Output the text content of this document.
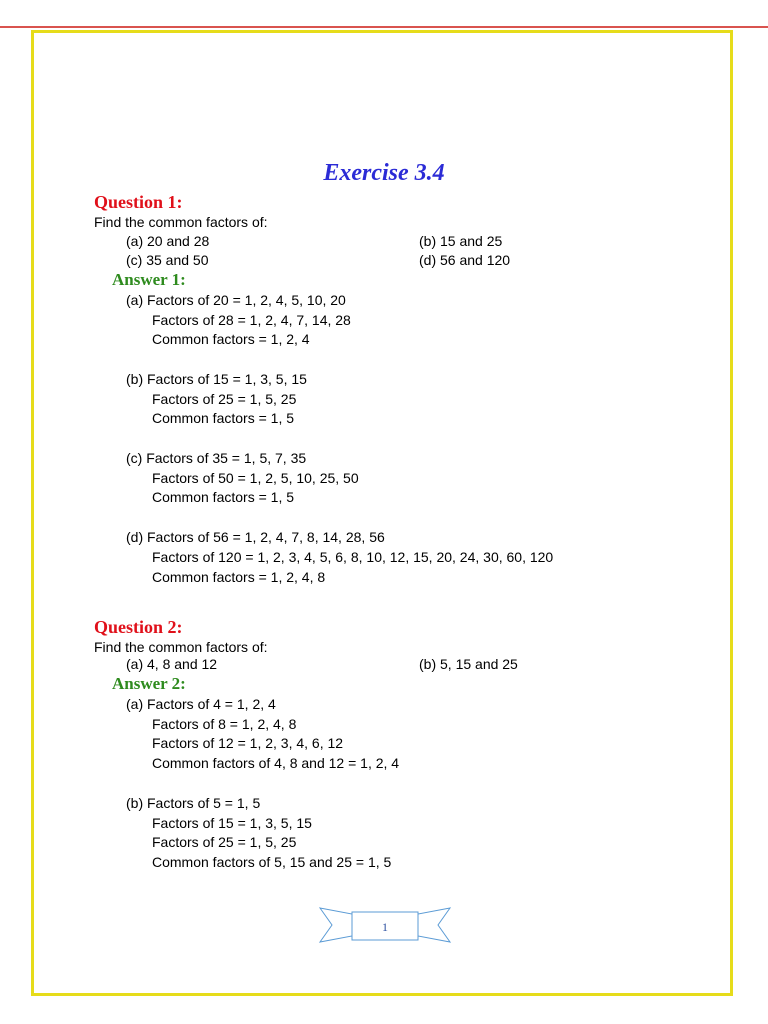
Exercise 3.4
Question 1:
Find the common factors of:
(a) 20 and 28	(b) 15 and 25
(c) 35 and 50	(d) 56 and 120
Answer 1:
(a) Factors of 20 = 1, 2, 4, 5, 10, 20
Factors of 28 = 1, 2, 4, 7, 14, 28
Common factors = 1, 2, 4
(b) Factors of 15 = 1, 3, 5, 15
Factors of 25 = 1, 5, 25
Common factors = 1, 5
(c) Factors of 35 = 1, 5, 7, 35
Factors of 50 = 1, 2, 5, 10, 25, 50
Common factors = 1, 5
(d) Factors of 56 = 1, 2, 4, 7, 8, 14, 28, 56
Factors of 120 = 1, 2, 3, 4, 5, 6, 8, 10, 12, 15, 20, 24, 30, 60, 120
Common factors = 1, 2, 4, 8
Question 2:
Find the common factors of:
(a) 4, 8 and 12	(b) 5, 15 and 25
Answer 2:
(a) Factors of 4 = 1, 2, 4
Factors of 8 = 1, 2, 4, 8
Factors of 12 = 1, 2, 3, 4, 6, 12
Common factors of 4, 8 and 12 = 1, 2, 4
(b) Factors of 5 = 1, 5
Factors of 15 = 1, 3, 5, 15
Factors of 25 = 1, 5, 25
Common factors of 5, 15 and 25 = 1, 5
1
